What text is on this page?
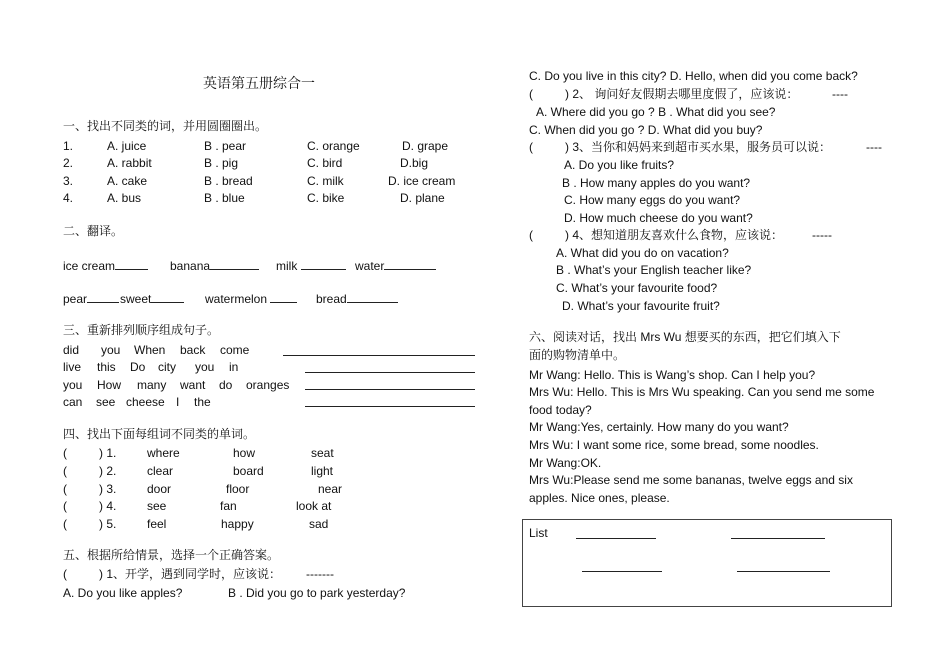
英语第五册综合一
一、找出不同类的词，并用圆圈圈出。
1.	A. juice	B . pear	C. orange	D. grape
2.	A. rabbit	B . pig	C. bird	D.big
3.	A. cake	B . bread	C. milk	D. ice cream
4.	A. bus	B . blue	C. bike	D. plane
二、翻译。
ice cream	banana	milk	water
pear	sweet	watermelon	bread
三、重新排列顺序组成句子。
did you When back come
live this Do city you in
you How many want do oranges
can see cheese I the
四、找出下面每组词不同类的单词。
(	) 1.	where	how	seat
(	) 2.	clear	board	light
(	) 3.	door	floor	near
(	) 4.	see	fan	look at
(	) 5.	feel	happy	sad
五、根据所给情景，选择一个正确答案。
(	) 1、开学，遇到同学时，应该说： -------
A. Do you like apples?	B . Did you go to park yesterday?
C. Do you live in this city? D. Hello, when did you come back?
(	) 2、 询问好友假期去哪里度假了，应该说：	----
A. Where did you go ? B . What did you see?
C. When did you go ? D. What did you buy?
(	) 3、当你和妈妈来到超市买水果，服务员可以说：	----
A. Do you like fruits?
B . How many apples do you want?
C. How many eggs do you want?
D. How much cheese do you want?
(	) 4、想知道朋友喜欢什么食物，应该说： -----
A. What did you do on vacation?
B . What’s your English teacher like?
C. What’s your favourite food?
D. What’s your favourite fruit?
六、阅读对话，找出 Mrs Wu 想要买的东西，把它们填入下
面的购物清单中。
Mr Wang: Hello. This is Wang’s shop. Can I help you?
Mrs Wu: Hello. This is Mrs Wu speaking. Can you send me some
food today?
Mr Wang:Yes, certainly. How many do you want?
Mrs Wu: I want some rice, some bread, some noodles.
Mr Wang:OK.
Mrs Wu:Please send me some bananas, twelve eggs and six
apples. Nice ones, please.
List
